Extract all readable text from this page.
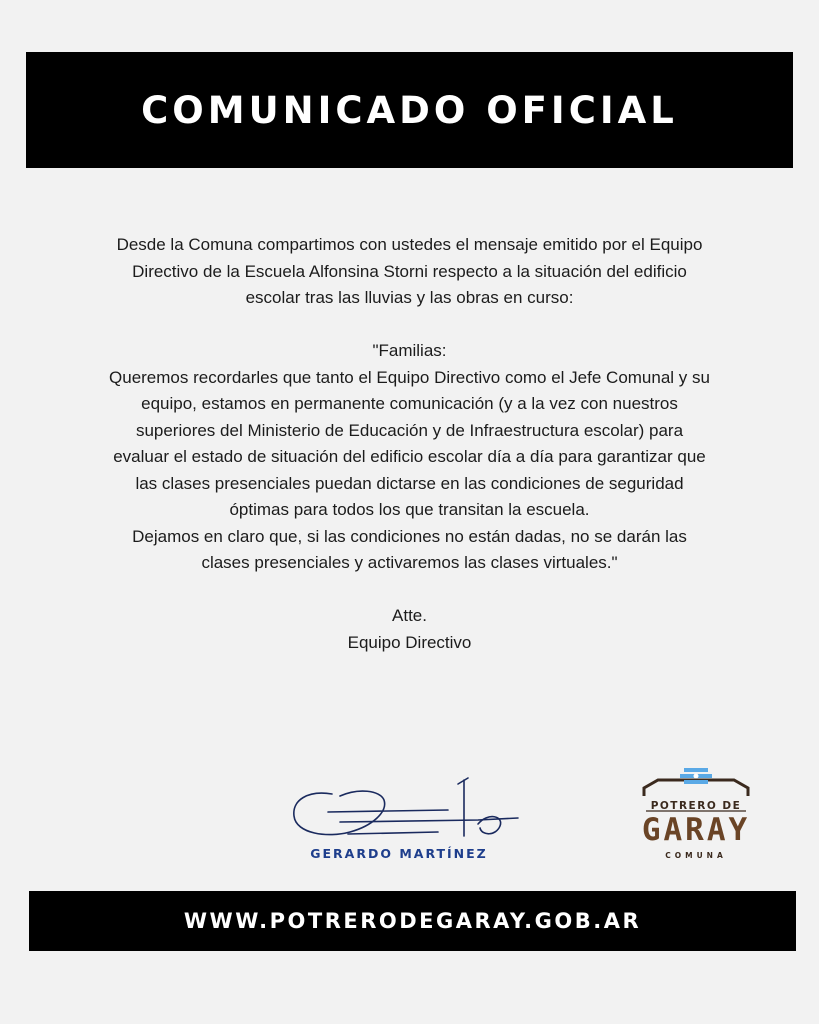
COMUNICADO OFICIAL

Desde la Comuna compartimos con ustedes el mensaje emitido por el Equipo

Directivo de la Escuela Alfonsina Storni respecto a la situación del edificio

escolar tras las lluvias y las obras en curso:

"Familias:

Queremos recordarles que tanto el Equipo Directivo como el Jefe Comunal y su

equipo, estamos en permanente comunicación (y a la vez con nuestros

superiores del Ministerio de Educación y de Infraestructura escolar) para

evaluar el estado de situación del edificio escolar día a día para garantizar que

las clases presenciales puedan dictarse en las condiciones de seguridad

óptimas para todos los que transitan la escuela.

Dejamos en claro que, si las condiciones no están dadas, no se darán las

clases presenciales y activaremos las clases virtuales."

Atte.

Equipo Directivo

GERARDO MARTÍNEZ
POTRERO DE
GARAY
COMUNA
WWW.POTRERODEGARAY.GOB.AR
